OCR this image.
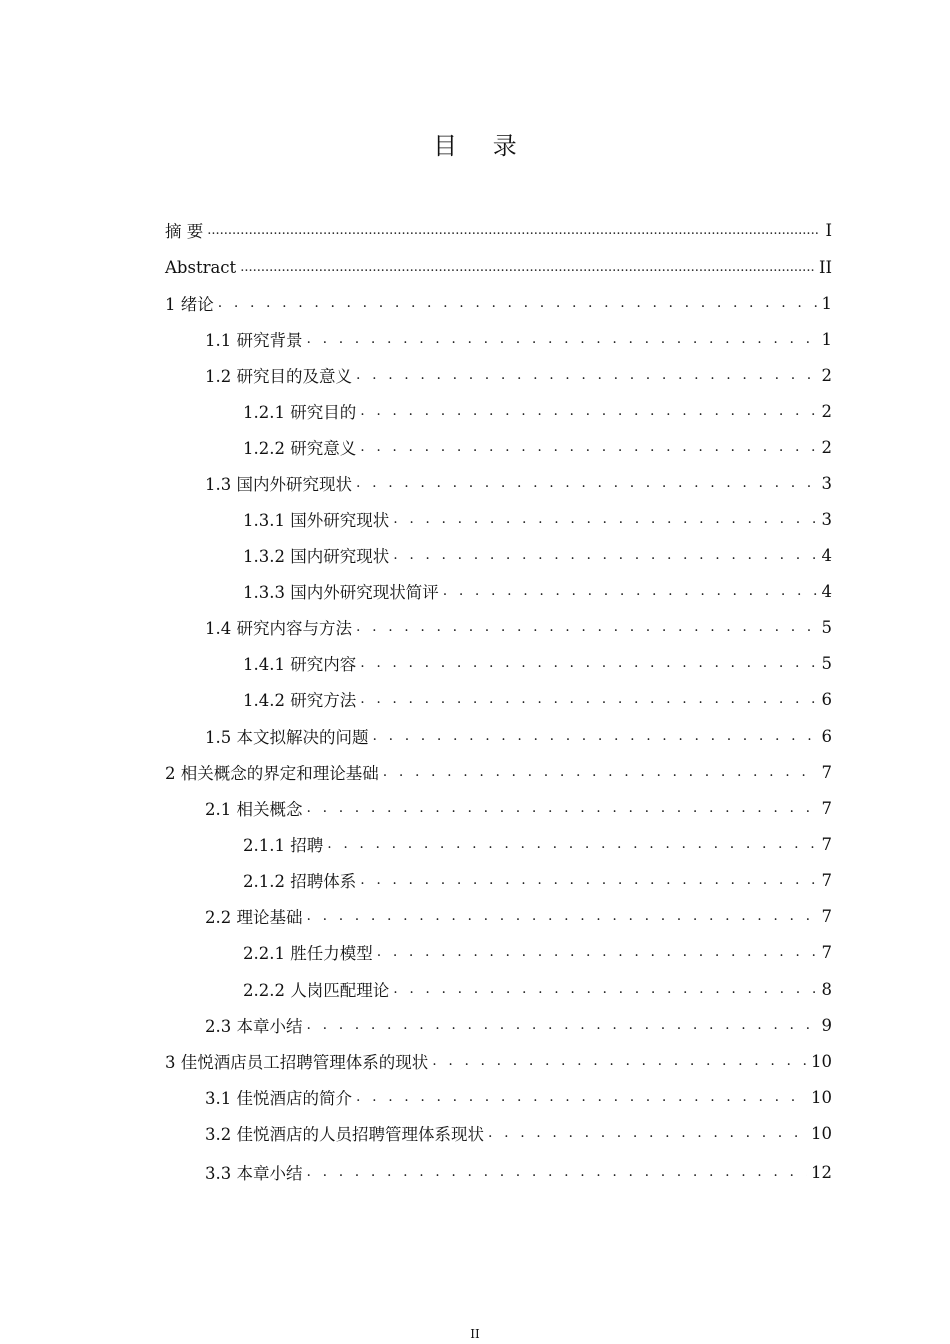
目 录
摘 要 .....	I
Abstract .....	II
1 绪论 . . .	1
1.1 研究背景 . . .	1
1.2 研究目的及意义 . . .	2
1.2.1 研究目的 . . .	2
1.2.2 研究意义 . . .	2
1.3 国内外研究现状 . . .	3
1.3.1 国外研究现状 . . .	3
1.3.2 国内研究现状 . . .	4
1.3.3 国内外研究现状简评 . . .	4
1.4 研究内容与方法 . . .	5
1.4.1 研究内容 . . .	5
1.4.2 研究方法 . . .	6
1.5 本文拟解决的问题 . . .	6
2 相关概念的界定和理论基础 . . .	7
2.1 相关概念 . . .	7
2.1.1 招聘 . . .	7
2.1.2 招聘体系 . . .	7
2.2 理论基础 . . .	7
2.2.1 胜任力模型 . . .	7
2.2.2 人岗匹配理论 . . .	8
2.3 本章小结 . . .	9
3 佳悦酒店员工招聘管理体系的现状 . . .	10
3.1 佳悦酒店的简介 . . .	10
3.2 佳悦酒店的人员招聘管理体系现状 . . .	10
3.3 本章小结 . . .	12
II
